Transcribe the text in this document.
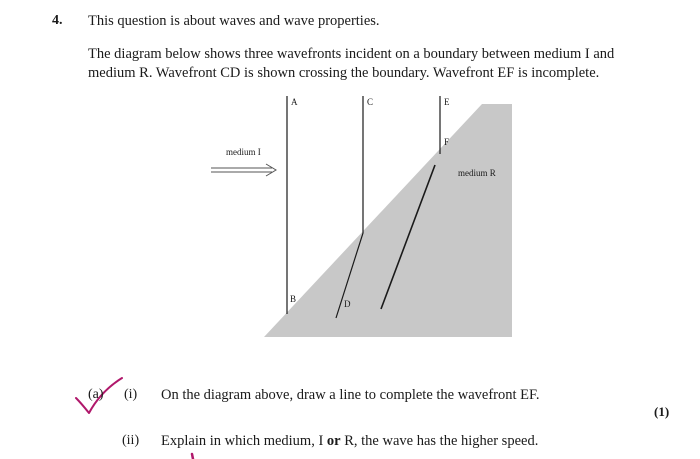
4. This question is about waves and wave properties.
The diagram below shows three wavefronts incident on a boundary between medium I and
medium R. Wavefront CD is shown crossing the boundary. Wavefront EF is incomplete.
A
B
C
D
E
F
medium I
medium R
(a) (i) On the diagram above, draw a line to complete the wavefront EF.
(1)
(ii) Explain in which medium, I or R, the wave has the higher speed.
